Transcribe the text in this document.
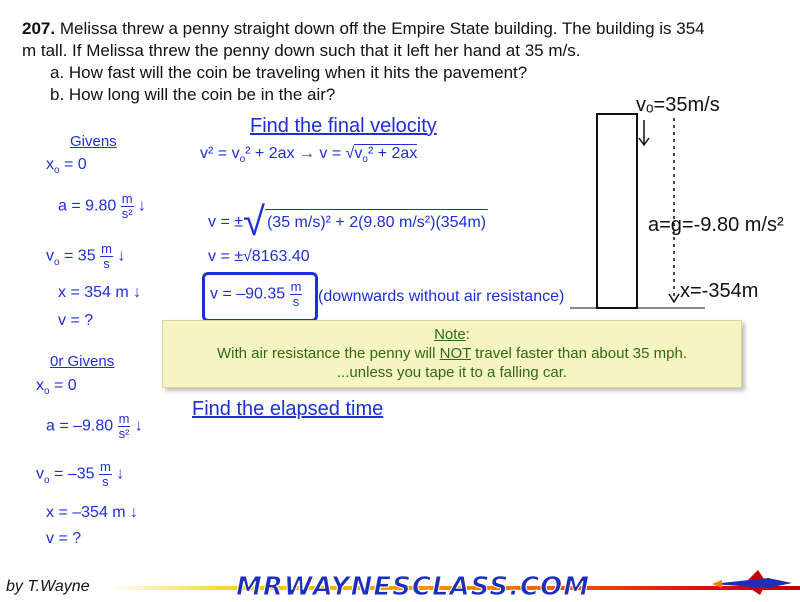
207. Melissa threw a penny straight down off the Empire State building. The building is 354
m tall. If Melissa threw the penny down such that it left her hand at 35 m/s.
a. How fast will the coin be traveling when it hits the pavement?
b. How long will the coin be in the air?
Givens
$x_o = 0$
$a = 9.80 \frac{m}{\text{s²}}$ ↓
$v_o = 35 \frac{m}{s}$ ↓
x = 354 m ↓
v = ?
0r Givens
$x_o = 0$
$a = -9.80 \frac{m}{\text{s²}}$ ↓
$v_o = -35 \frac{m}{s}$ ↓
x = –354 m ↓
v = ?
Find the final velocity
$v^2 = v_o^2 + 2ax \to v = √v_o^2 + 2ax$
v = ±√ (35 m/s)² + 2(9.80 m/s²)(354m)
v = ±√8163.40
$v = -90.35 \frac{m}{s}$ (downwards without air resistance)
Note:
With air resistance the penny will NOT travel faster than about 35 mph.
...unless you tape it to a falling car.
Find the elapsed time
vₒ=35m/s
a=g=-9.80 m/s²
x=-354m
by T.Wayne	MRWAYNESCLASS.COM
